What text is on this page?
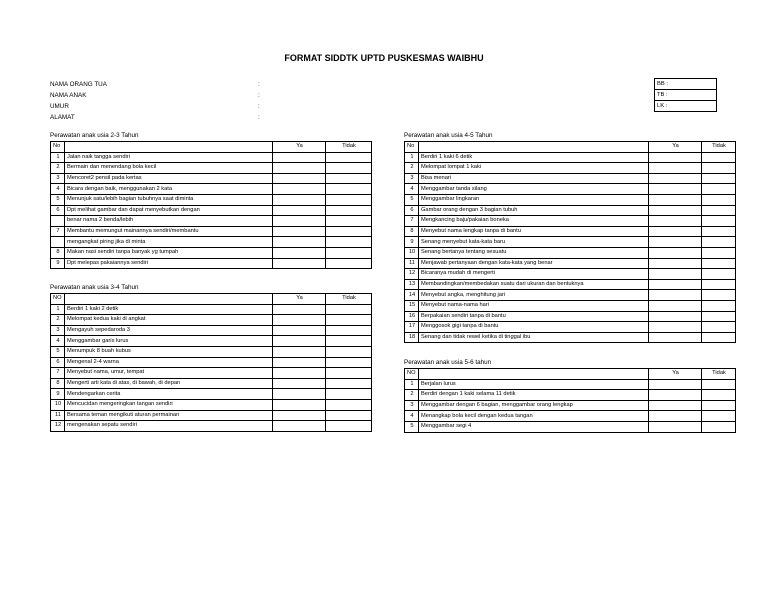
FORMAT SIDDTK UPTD PUSKESMAS WAIBHU
NAMA ORANG TUA	:
NAMA ANAK	:
UMUR	:
ALAMAT	:
BB :
TB :
LK :
Perawatan anak usia 2-3 Tahun
No		Ya	Tidak
1	Jalan naik tangga sendiri		
2	Bermain dan menendang bola kecil		
3	Mencoret2 pensil pada kertas		
4	Bicara dengan baik, menggunakan 2 kata		
5	Menunjuk satu/lebih bagian tubuhnya saat diminta		
6	Dpt melihat gambar dan dapat menyebutkan dengan		
	benar nama 2 benda/lebih		
7	Membantu memungut mainannya sendiri/membantu		
	mengangkat piring jika di minta		
8	Makan nasi sendiri tanpa banyak yg tumpah		
9	Dpt melepas pakaiannya sendiri		
Perawatan anak usia 3-4 Tahun
NO		Ya	Tidak
1	Berdiri 1 kaki 2 detik		
2	Melompat kedua kaki di angkat		
3	Mengayuh sepedaroda 3		
4	Menggambar garis lurus		
5	Menumpuk 8 buah kubus		
6	Mengenal 2-4 warna		
7	Menyebut nama, umur, tempat		
8	Mengerti arti kata di atas, di bawah, di depan		
9	Mendengarkan cerita		
10	Mencucidan mengeringkan tangan sendiri		
11	Bersama teman mengikuti aturan permainan		
12	mengenakan sepatu sendiri		
Perawatan anak usia 4-5 Tahun
No		Ya	Tidak
1	Berdiri 1 kaki 6 detik		
2	Melompat lompat 1 kaki		
3	Bisa menari		
4	Menggambar tanda silang		
5	Menggambar lingkaran		
6	Gambar orang dengan 3 bagian tubuh		
7	Mengkancing baju/pakaian boneka		
8	Menyebut nama lengkap tanpa di bantu		
9	Senang menyebut kata-kata baru		
10	Senang bertanya tentang sesuatu		
11	Menjawab pertanyaan dengan kata-kata yang benar		
12	Bicaranya mudah di mengerti		
13	Membandingkan/membedakan suatu dari ukuran dan bentuknya		
14	Menyebut angka, menghitung jari		
15	Menyebut nama-nama hari		
16	Berpakaian sendiri tanpa di bantu		
17	Menggosok gigi tanpa di bantu		
18	Senang dan tidak rewel ketika di tinggal ibu		
Perawatan anak usia 5-6 tahun
NO		Ya	Tidak
1	Berjalan lurus		
2	Berdiri dengan 1 kaki selama 11 detik		
3	Menggambar dengan 6 bagian, menggambar orang lengkap		
4	Menangkap bola kecil dengan kedua tangan		
5	Menggambar segi 4		
